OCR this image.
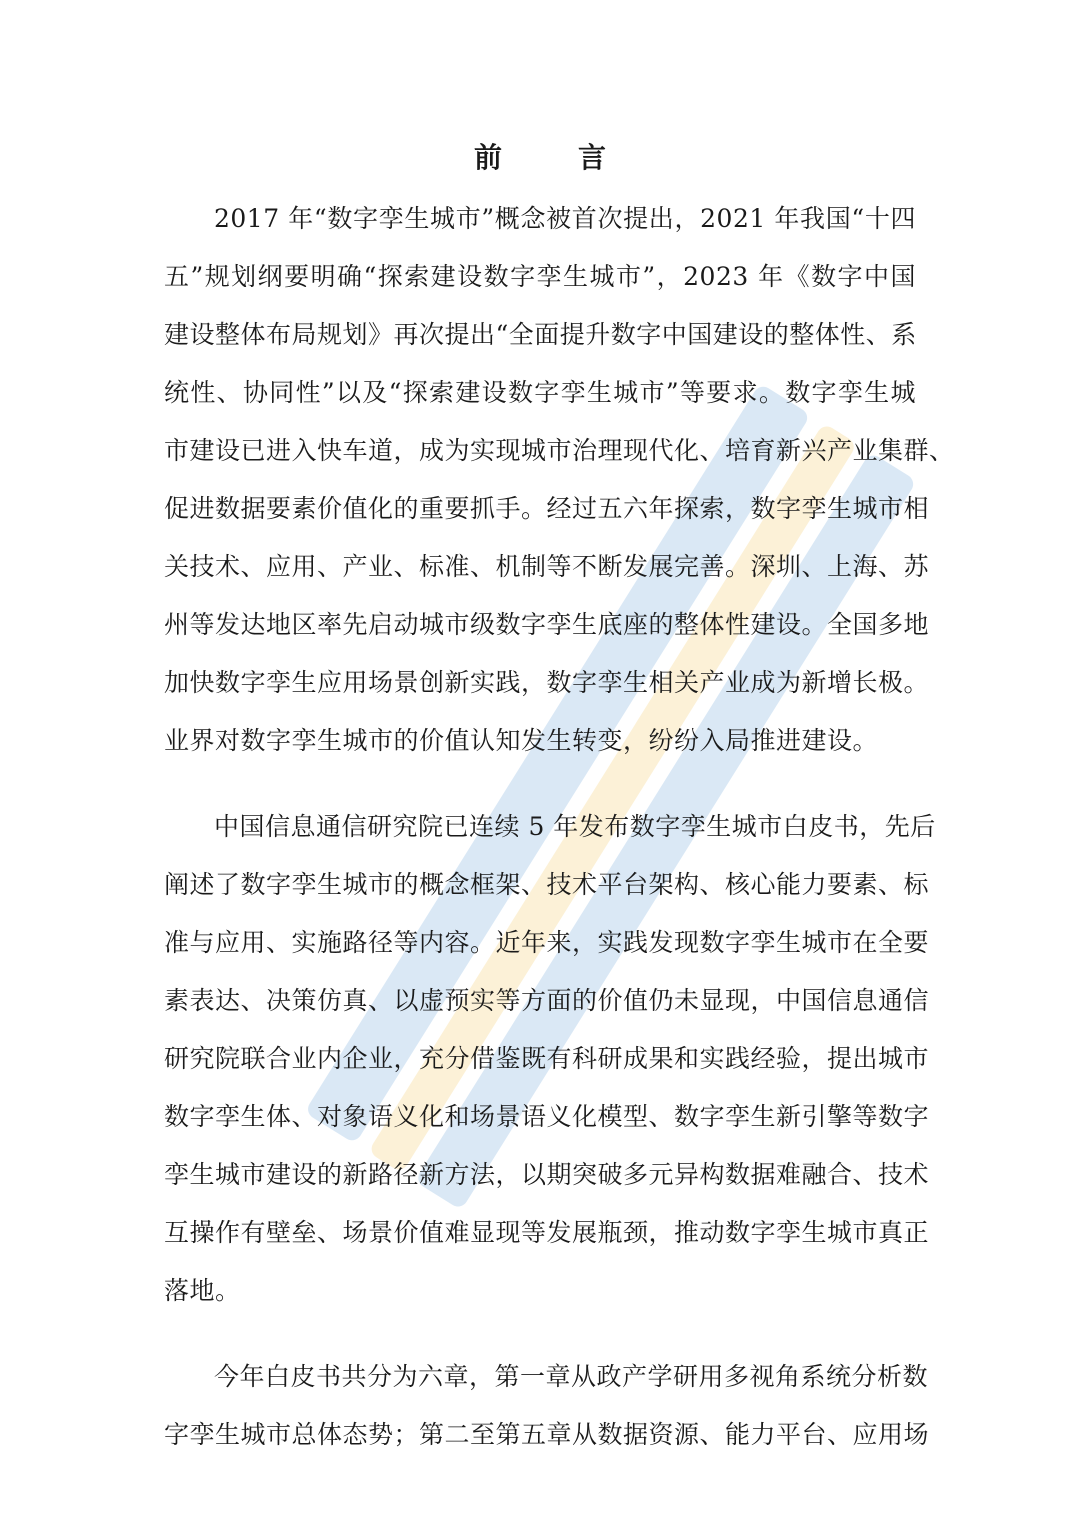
前　言
2017 年“数字孪生城市”概念被首次提出，2021 年我国“十四
五”规划纲要明确“探索建设数字孪生城市”，2023 年《数字中国
建设整体布局规划》再次提出“全面提升数字中国建设的整体性、系
统性、协同性”以及“探索建设数字孪生城市”等要求。数字孪生城
市建设已进入快车道，成为实现城市治理现代化、培育新兴产业集群、
促进数据要素价值化的重要抓手。经过五六年探索，数字孪生城市相
关技术、应用、产业、标准、机制等不断发展完善。深圳、上海、苏
州等发达地区率先启动城市级数字孪生底座的整体性建设。全国多地
加快数字孪生应用场景创新实践，数字孪生相关产业成为新增长极。
业界对数字孪生城市的价值认知发生转变，纷纷入局推进建设。
中国信息通信研究院已连续 5 年发布数字孪生城市白皮书，先后
阐述了数字孪生城市的概念框架、技术平台架构、核心能力要素、标
准与应用、实施路径等内容。近年来，实践发现数字孪生城市在全要
素表达、决策仿真、以虚预实等方面的价值仍未显现，中国信息通信
研究院联合业内企业，充分借鉴既有科研成果和实践经验，提出城市
数字孪生体、对象语义化和场景语义化模型、数字孪生新引擎等数字
孪生城市建设的新路径新方法，以期突破多元异构数据难融合、技术
互操作有壁垒、场景价值难显现等发展瓶颈，推动数字孪生城市真正
落地。
今年白皮书共分为六章，第一章从政产学研用多视角系统分析数
字孪生城市总体态势；第二至第五章从数据资源、能力平台、应用场
